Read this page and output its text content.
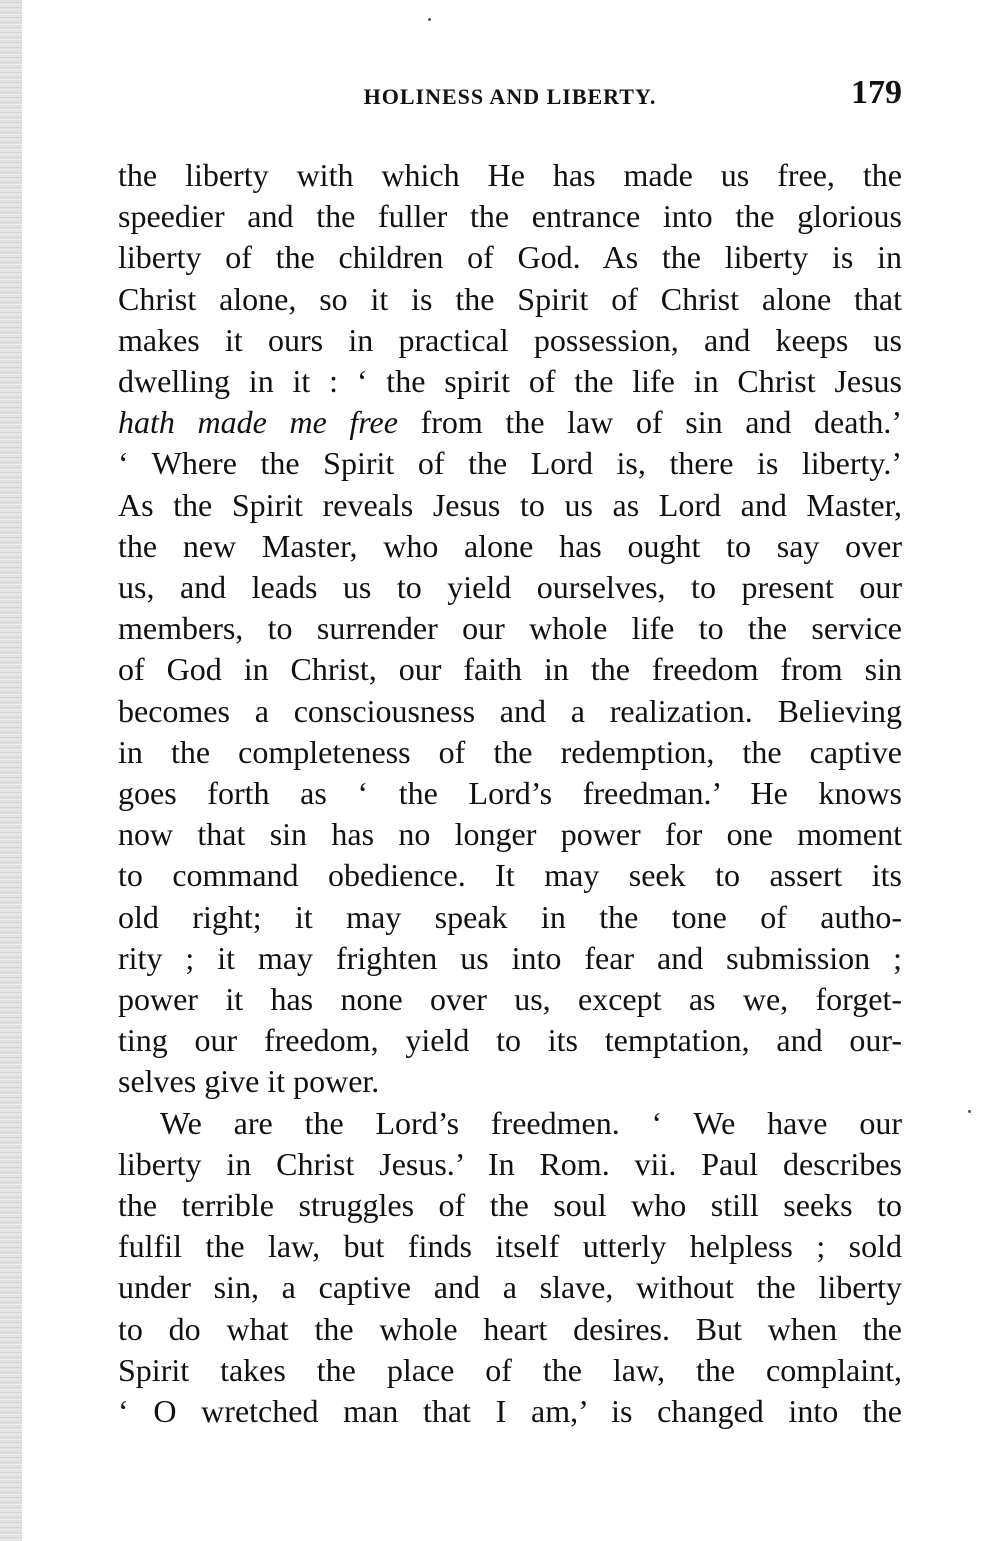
HOLINESS AND LIBERTY.	179

the liberty with which He has made us free, the
speedier and the fuller the entrance into the glorious
liberty of the children of God. As the liberty is in
Christ alone, so it is the Spirit of Christ alone that
makes it ours in practical possession, and keeps us
dwelling in it : ‘ the spirit of the life in Christ Jesus
hath made me free from the law of sin and death.’
‘ Where the Spirit of the Lord is, there is liberty.’
As the Spirit reveals Jesus to us as Lord and Master,
the new Master, who alone has ought to say over
us, and leads us to yield ourselves, to present our
members, to surrender our whole life to the service
of God in Christ, our faith in the freedom from sin
becomes a consciousness and a realization. Believing
in the completeness of the redemption, the captive
goes forth as ‘ the Lord’s freedman.’ He knows
now that sin has no longer power for one moment
to command obedience. It may seek to assert its
old right; it may speak in the tone of autho-
rity ; it may frighten us into fear and submission ;
power it has none over us, except as we, forget-
ting our freedom, yield to its temptation, and our-
selves give it power.

We are the Lord’s freedmen. ‘ We have our
liberty in Christ Jesus.’ In Rom. vii. Paul describes
the terrible struggles of the soul who still seeks to
fulfil the law, but finds itself utterly helpless ; sold
under sin, a captive and a slave, without the liberty
to do what the whole heart desires. But when the
Spirit takes the place of the law, the complaint,
‘ O wretched man that I am,’ is changed into the
